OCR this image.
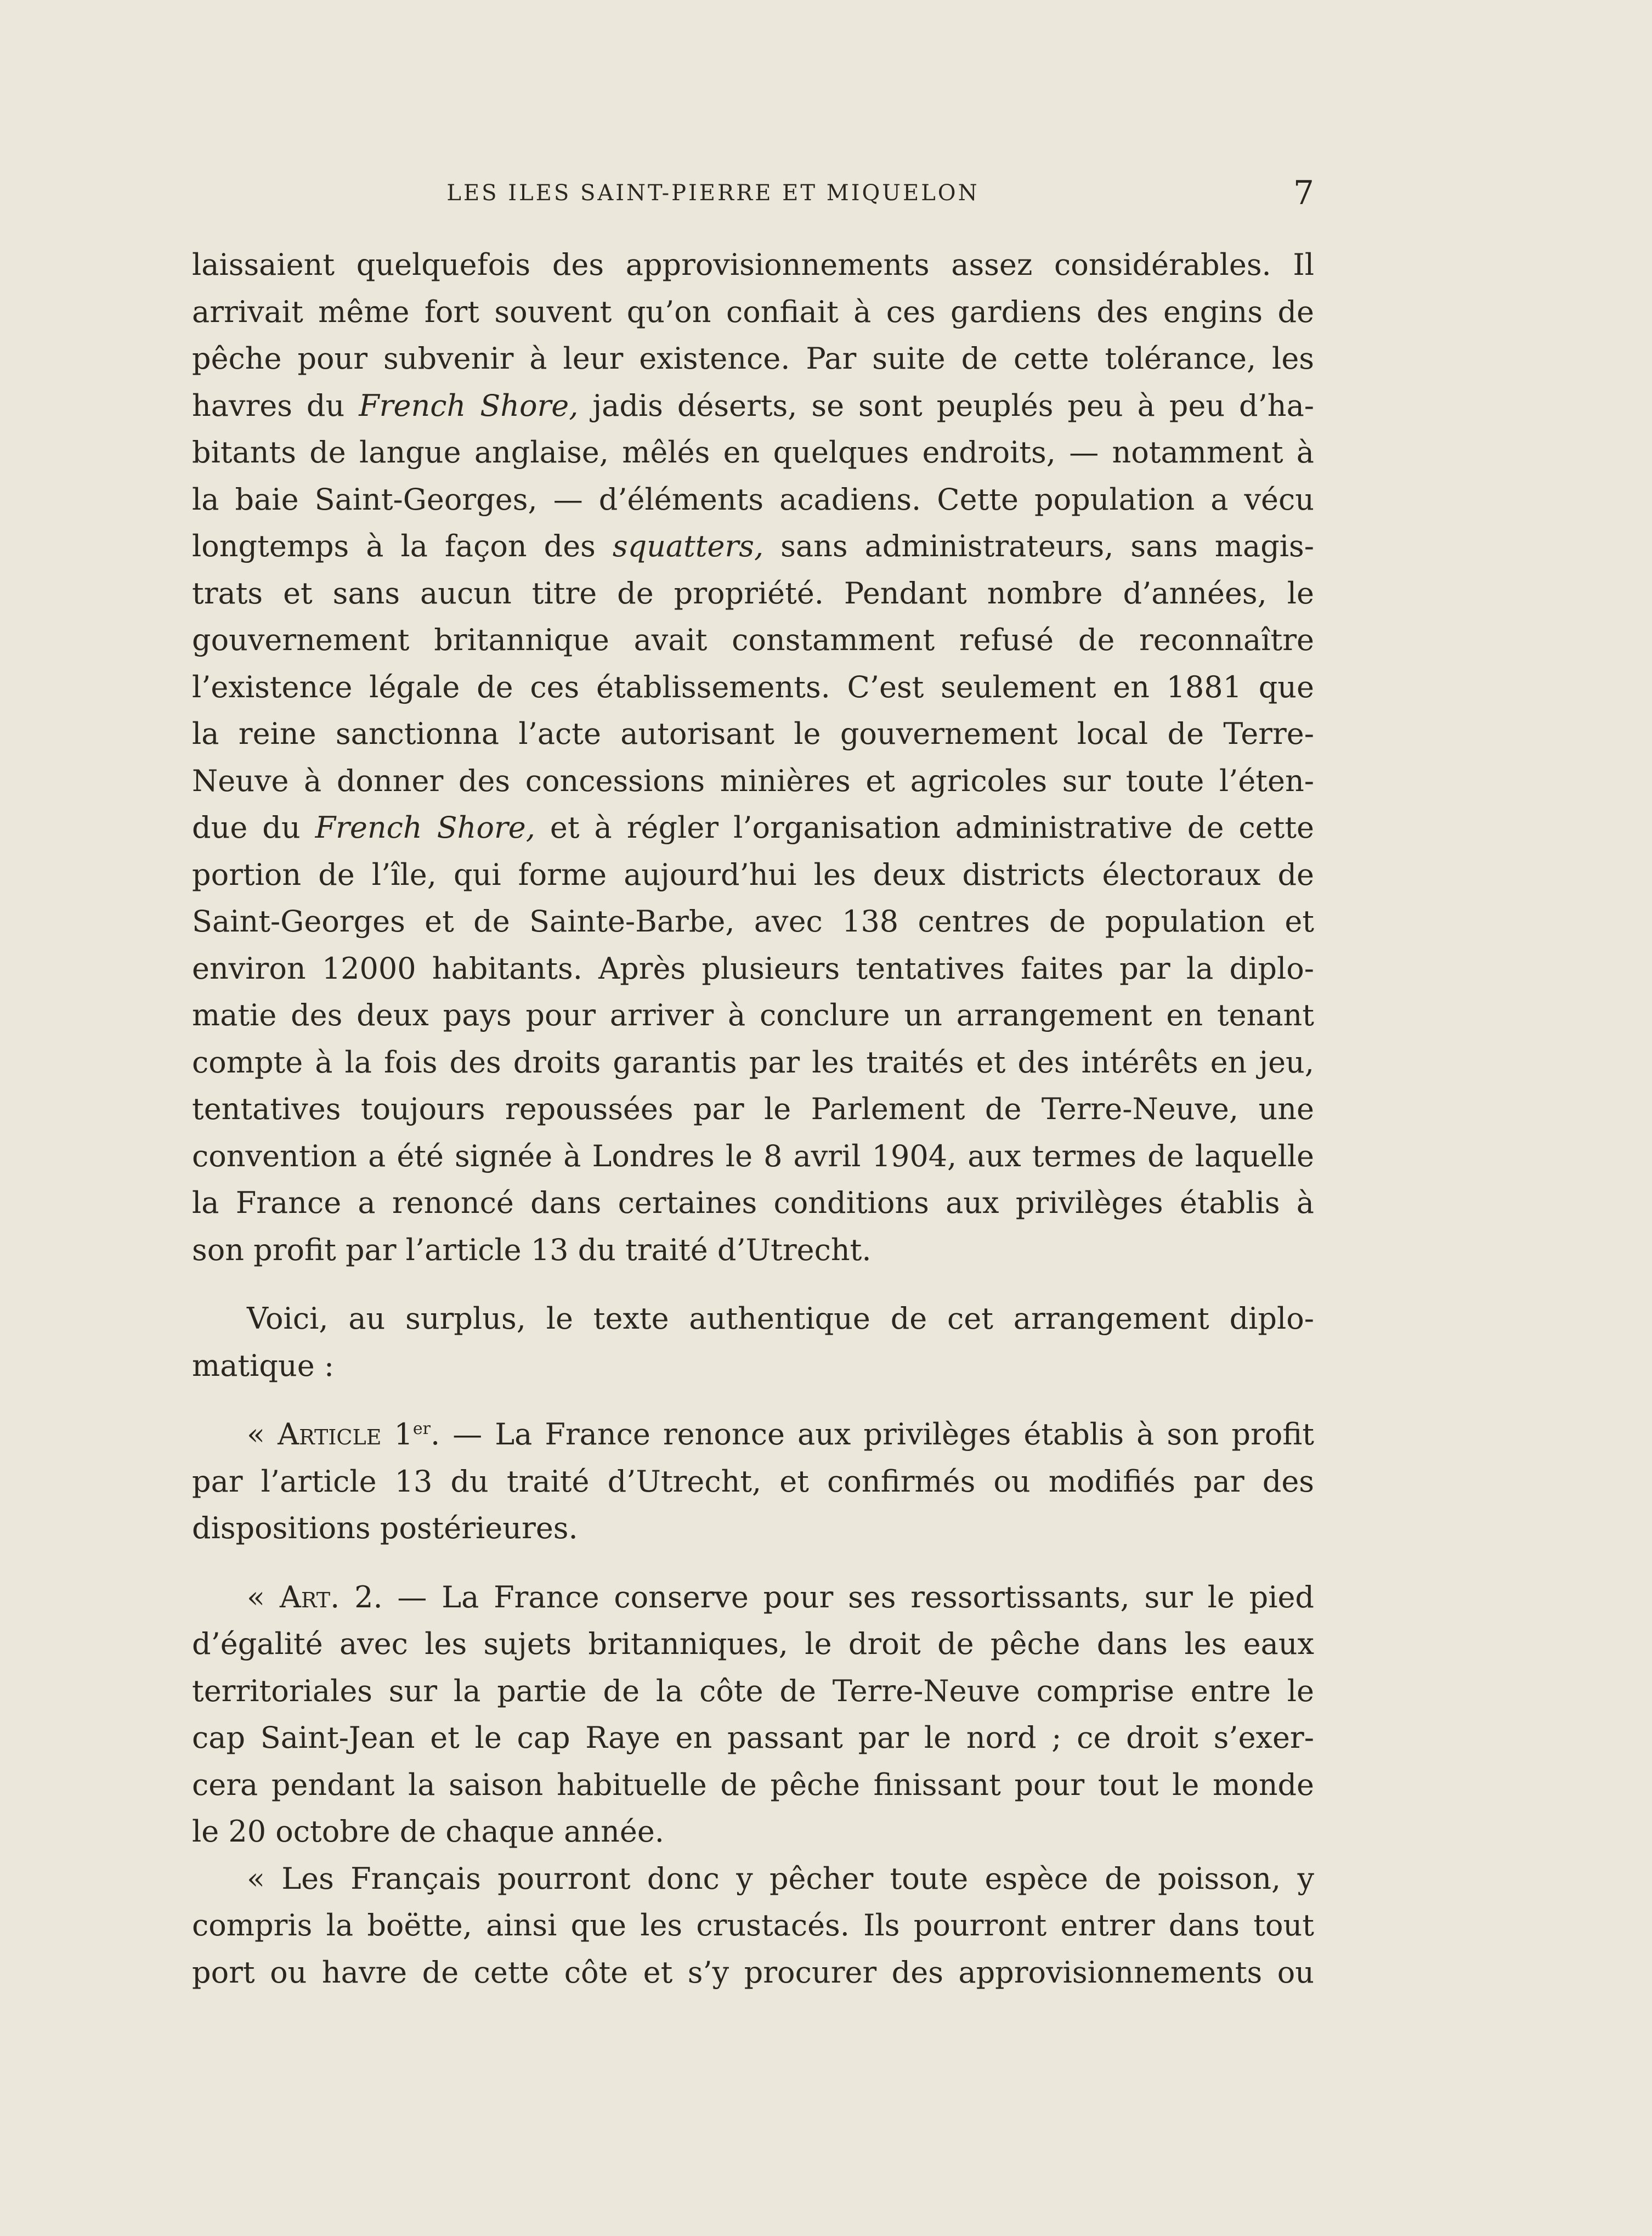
LES ILES SAINT-PIERRE ET MIQUELON	7

laissaient quelquefois des approvisionnements assez considérables. Il

arrivait même fort souvent qu’on confiait à ces gardiens des engins de

pêche pour subvenir à leur existence. Par suite de cette tolérance, les

havres du French Shore, jadis déserts, se sont peuplés peu à peu d’ha-

bitants de langue anglaise, mêlés en quelques endroits, — notamment à

la baie Saint-Georges, — d’éléments acadiens. Cette population a vécu

longtemps à la façon des squatters, sans administrateurs, sans magis-

trats et sans aucun titre de propriété. Pendant nombre d’années, le

gouvernement britannique avait constamment refusé de reconnaître

l’existence légale de ces établissements. C’est seulement en 1881 que

la reine sanctionna l’acte autorisant le gouvernement local de Terre-

Neuve à donner des concessions minières et agricoles sur toute l’éten-

due du French Shore, et à régler l’organisation administrative de cette

portion de l’île, qui forme aujourd’hui les deux districts électoraux de

Saint-Georges et de Sainte-Barbe, avec 138 centres de population et

environ 12000 habitants. Après plusieurs tentatives faites par la diplo-

matie des deux pays pour arriver à conclure un arrangement en tenant

compte à la fois des droits garantis par les traités et des intérêts en jeu,

tentatives toujours repoussées par le Parlement de Terre-Neuve, une

convention a été signée à Londres le 8 avril 1904, aux termes de laquelle

la France a renoncé dans certaines conditions aux privilèges établis à

son profit par l’article 13 du traité d’Utrecht.

Voici, au surplus, le texte authentique de cet arrangement diplo-

matique :

« Article 1er. — La France renonce aux privilèges établis à son profit

par l’article 13 du traité d’Utrecht, et confirmés ou modifiés par des

dispositions postérieures.

« Art. 2. — La France conserve pour ses ressortissants, sur le pied

d’égalité avec les sujets britanniques, le droit de pêche dans les eaux

territoriales sur la partie de la côte de Terre-Neuve comprise entre le

cap Saint-Jean et le cap Raye en passant par le nord ; ce droit s’exer-

cera pendant la saison habituelle de pêche finissant pour tout le monde

le 20 octobre de chaque année.

« Les Français pourront donc y pêcher toute espèce de poisson, y

compris la boëtte, ainsi que les crustacés. Ils pourront entrer dans tout

port ou havre de cette côte et s’y procurer des approvisionnements ou
